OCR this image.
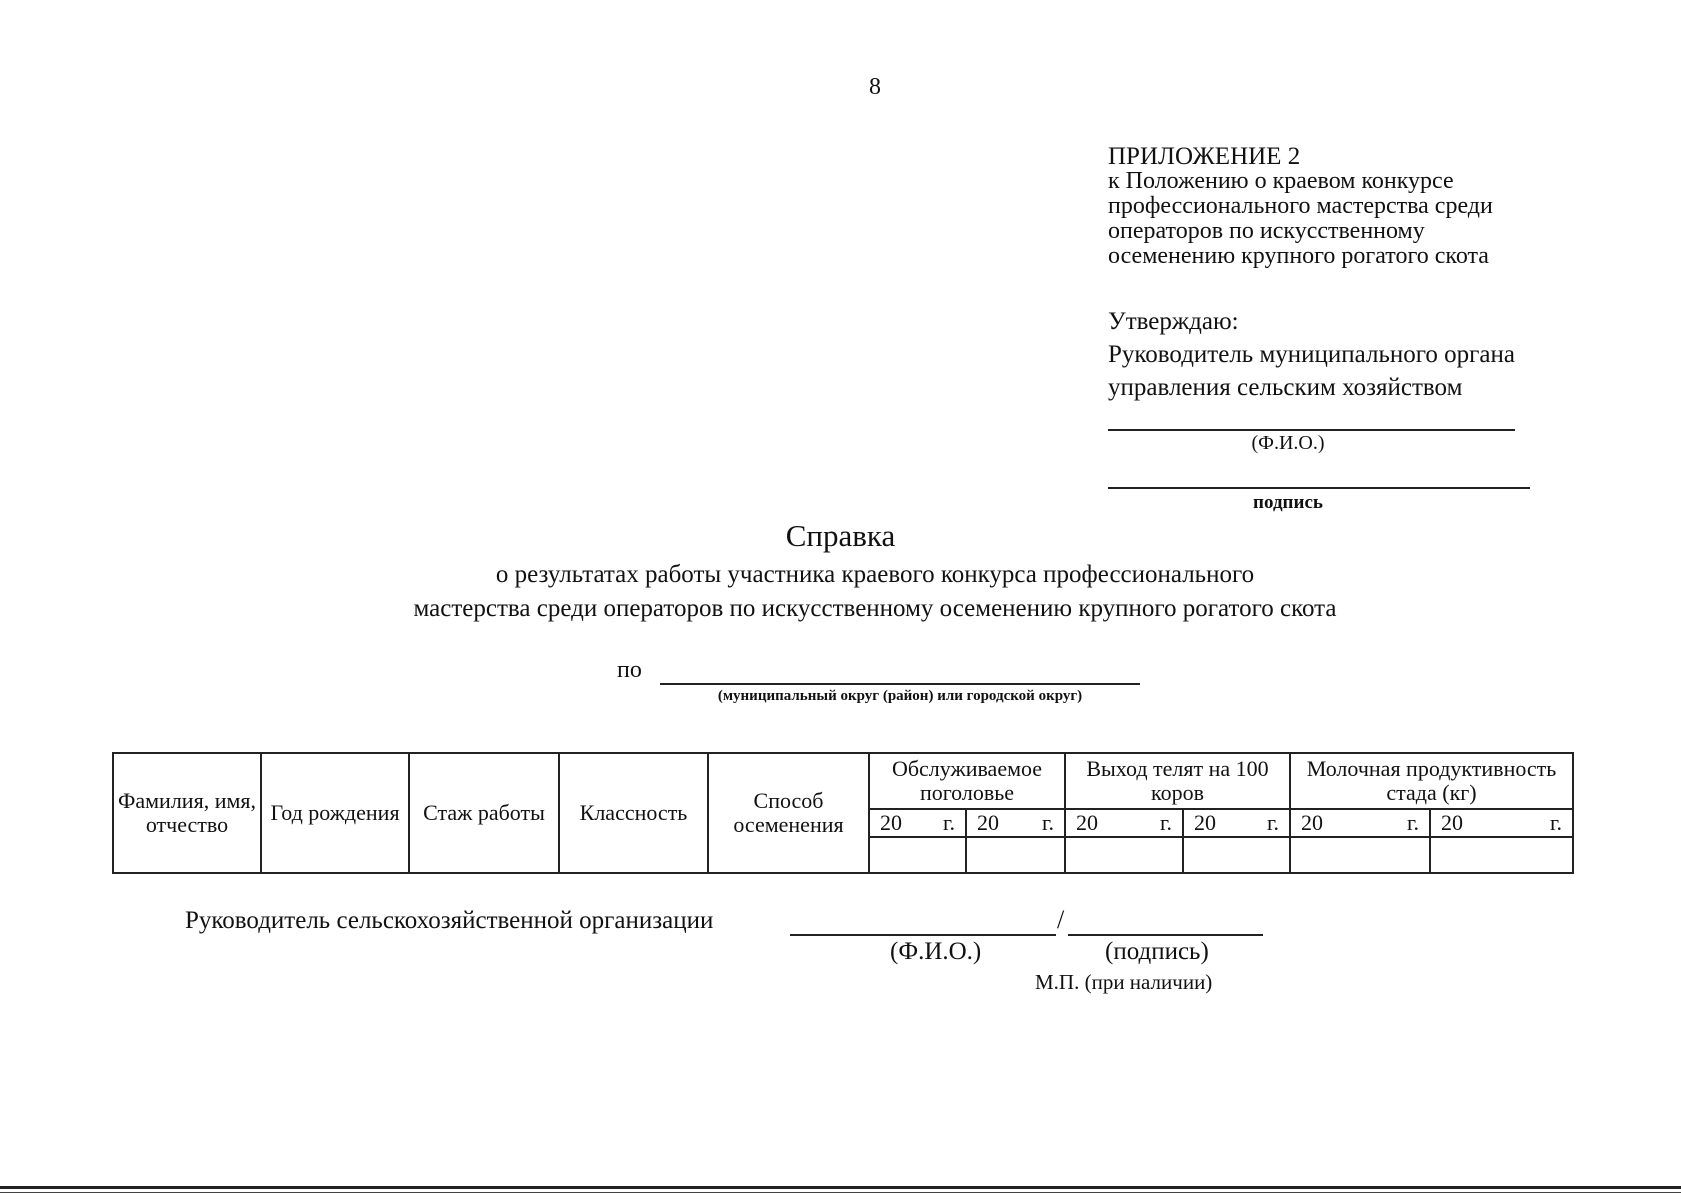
8
ПРИЛОЖЕНИЕ 2
к Положению о краевом конкурсе
профессионального мастерства среди
операторов по искусственному
осеменению крупного рогатого скота
Утверждаю:
Руководитель муниципального органа
управления сельским хозяйством
(Ф.И.О.)
подпись
Справка
о результатах работы участника краевого конкурса профессионального
мастерства среди операторов по искусственному осеменению крупного рогатого скота
по
(муниципальный округ (район) или городской округ)
Фамилия, имя, отчество	Год рождения	Стаж работы	Классность	Способ осеменения	Обслуживаемое поголовье		Выход телят на 100 коров		Молочная продуктивность стада (кг)	

					20 г.	20 г.	20 г.	20 г.	20 г.	20 г.

Руководитель сельскохозяйственной организации	/
(Ф.И.О.)	(подпись)
М.П. (при наличии)
